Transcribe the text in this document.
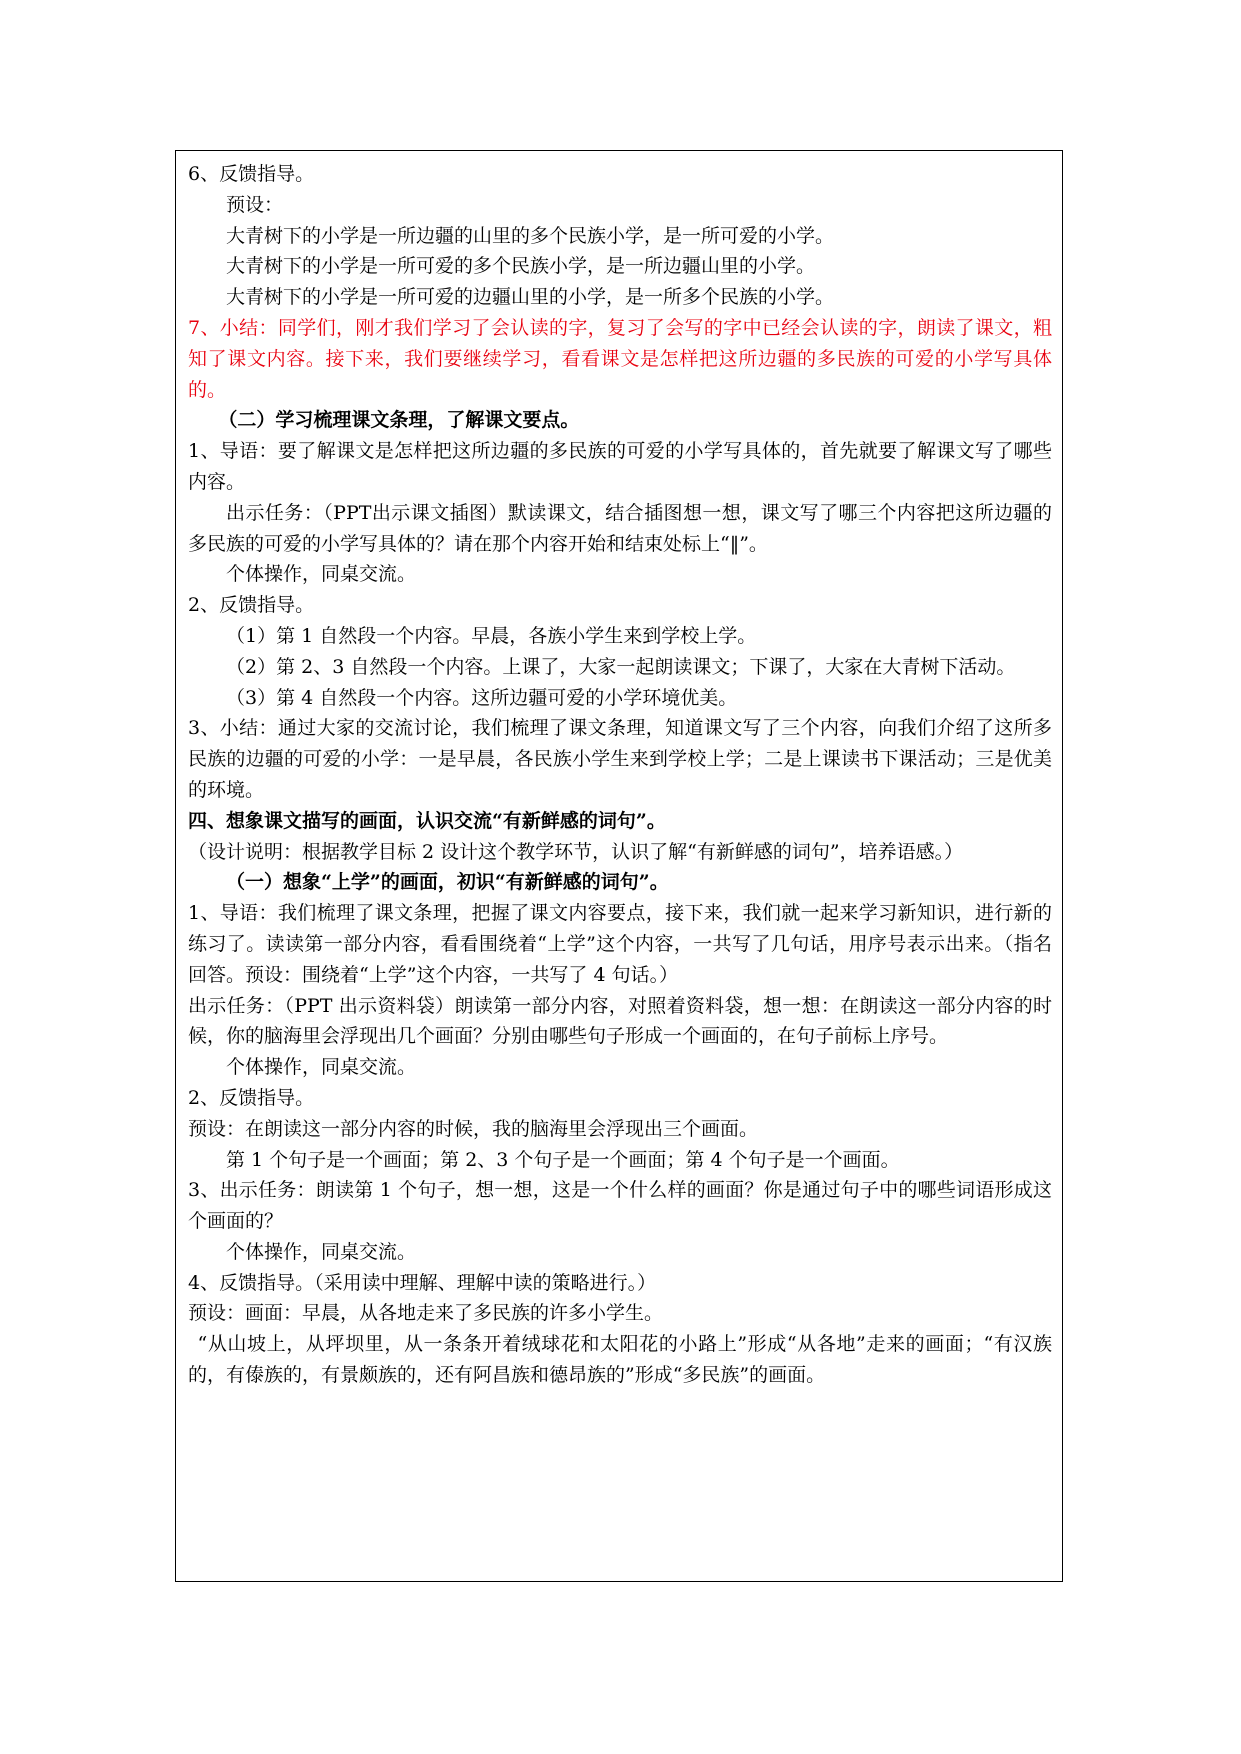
6、反馈指导。

预设：

大青树下的小学是一所边疆的山里的多个民族小学，是一所可爱的小学。

大青树下的小学是一所可爱的多个民族小学，是一所边疆山里的小学。

大青树下的小学是一所可爱的边疆山里的小学，是一所多个民族的小学。

7、小结：同学们，刚才我们学习了会认读的字，复习了会写的字中已经会认读的字，朗读了课文，粗知了课文内容。接下来，我们要继续学习，看看课文是怎样把这所边疆的多民族的可爱的小学写具体的。

（二）学习梳理课文条理，了解课文要点。

1、导语：要了解课文是怎样把这所边疆的多民族的可爱的小学写具体的，首先就要了解课文写了哪些内容。

出示任务：（PPT出示课文插图）默读课文，结合插图想一想，课文写了哪三个内容把这所边疆的多民族的可爱的小学写具体的？请在那个内容开始和结束处标上“‖”。

个体操作，同桌交流。

2、反馈指导。

（1）第 1 自然段一个内容。早晨，各族小学生来到学校上学。

（2）第 2、3 自然段一个内容。上课了，大家一起朗读课文；下课了，大家在大青树下活动。

（3）第 4 自然段一个内容。这所边疆可爱的小学环境优美。

3、小结：通过大家的交流讨论，我们梳理了课文条理，知道课文写了三个内容，向我们介绍了这所多民族的边疆的可爱的小学：一是早晨，各民族小学生来到学校上学；二是上课读书下课活动；三是优美的环境。

四、想象课文描写的画面，认识交流“有新鲜感的词句”。

（设计说明：根据教学目标 2 设计这个教学环节，认识了解“有新鲜感的词句”，培养语感。）

（一）想象“上学”的画面，初识“有新鲜感的词句”。

1、导语：我们梳理了课文条理，把握了课文内容要点，接下来，我们就一起来学习新知识，进行新的练习了。读读第一部分内容，看看围绕着“上学”这个内容，一共写了几句话，用序号表示出来。（指名回答。预设：围绕着“上学”这个内容，一共写了 4 句话。）

出示任务：（PPT 出示资料袋）朗读第一部分内容，对照着资料袋，想一想：在朗读这一部分内容的时候，你的脑海里会浮现出几个画面？分别由哪些句子形成一个画面的，在句子前标上序号。

个体操作，同桌交流。

2、反馈指导。

预设：在朗读这一部分内容的时候，我的脑海里会浮现出三个画面。

第 1 个句子是一个画面；第 2、3 个句子是一个画面；第 4 个句子是一个画面。

3、出示任务：朗读第 1 个句子，想一想，这是一个什么样的画面？你是通过句子中的哪些词语形成这个画面的？

个体操作，同桌交流。

4、反馈指导。（采用读中理解、理解中读的策略进行。）

预设：画面：早晨，从各地走来了多民族的许多小学生。

“从山坡上，从坪坝里，从一条条开着绒球花和太阳花的小路上”形成“从各地”走来的画面；“有汉族的，有傣族的，有景颇族的，还有阿昌族和德昂族的”形成“多民族”的画面。
